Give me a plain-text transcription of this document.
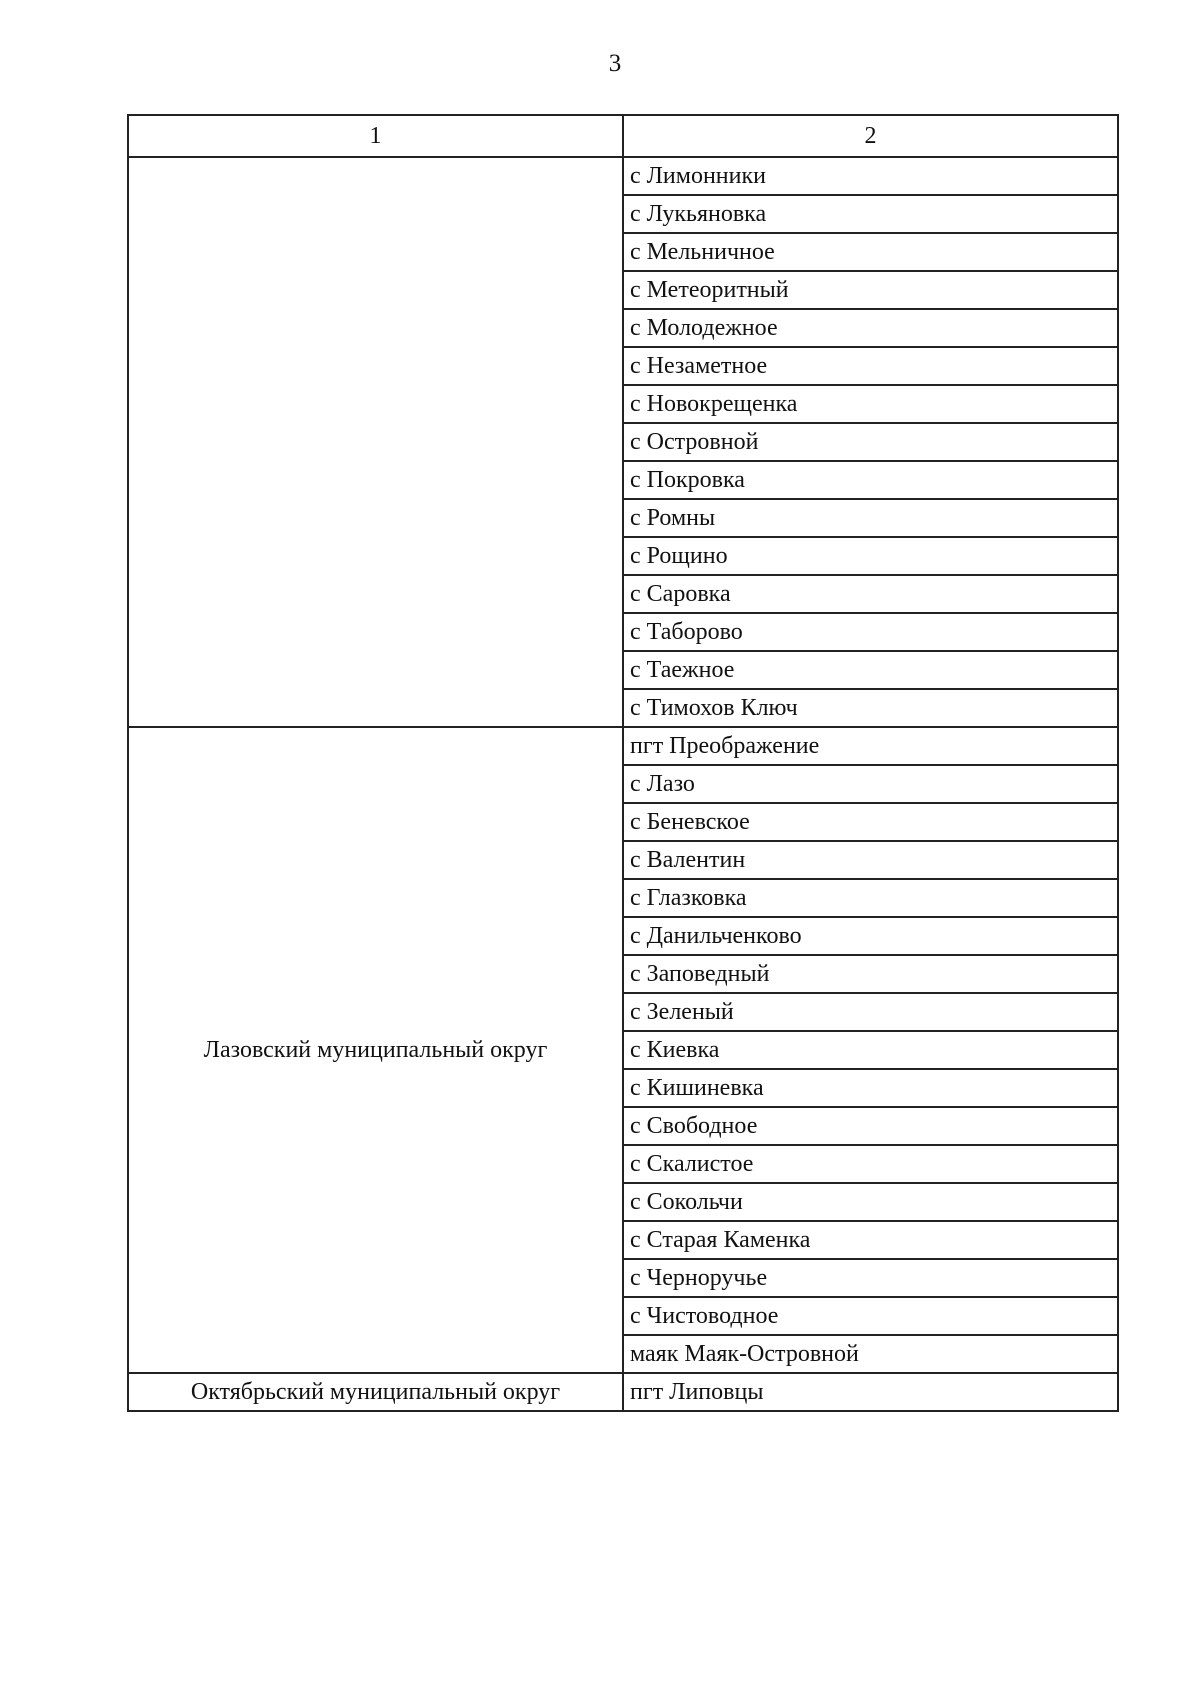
3
1	2
	с Лимонники
	с Лукьяновка
	с Мельничное
	с Метеоритный
	с Молодежное
	с Незаметное
	с Новокрещенка
	с Островной
	с Покровка
	с Ромны
	с Рощино
	с Саровка
	с Таборово
	с Таежное
	с Тимохов Ключ
Лазовский муниципальный округ	пгт Преображение
	с Лазо
	с Беневское
	с Валентин
	с Глазковка
	с Данильченково
	с Заповедный
	с Зеленый
	с Киевка
	с Кишиневка
	с Свободное
	с Скалистое
	с Сокольчи
	с Старая Каменка
	с Черноручье
	с Чистоводное
	маяк Маяк-Островной
Октябрьский муниципальный округ	пгт Липовцы
